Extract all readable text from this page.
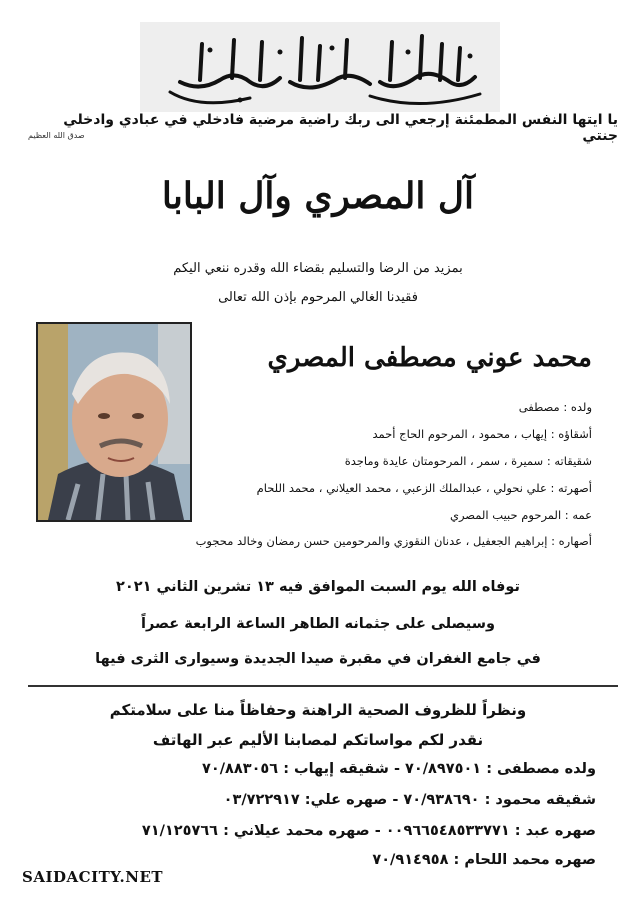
يا ايتها النفس المطمئنة إرجعي الى ربك راضية مرضية فادخلي في عبادي وادخلي جنتي
صدق الله العظيم
آل المصري وآل البابا
بمزيد من الرضا والتسليم بقضاء الله وقدره ننعي اليكم
فقيدنا الغالي المرحوم بإذن الله تعالى
محمد عوني مصطفى المصري
ولده : مصطفى
أشقاؤه : إيهاب ، محمود ، المرحوم الحاج أحمد
شقيقاته : سميرة ، سمر ، المرحومتان عايدة وماجدة
أصهرته : علي نحولي ، عبدالملك الزعبي ، محمد العيلاني ، محمد اللحام
عمه : المرحوم حبيب المصري
أصهاره : إبراهيم الجعفيل ، عدنان النقوزي والمرحومين حسن رمضان وخالد محجوب
توفاه الله يوم السبت الموافق فيه ١٣ تشرين الثاني ٢٠٢١
وسيصلى على جثمانه الطاهر الساعة الرابعة عصراً
في جامع الغفران في مقبرة صيدا الجديدة وسيوارى الثرى فيها
ونظراً للظروف الصحية الراهنة وحفاظاً منا على سلامتكم
نقدر لكم مواساتكم لمصابنا الأليم عبر الهاتف
ولده مصطفى : ٧٠/٨٩٧٥٠١ - شقيقه إيهاب : ٧٠/٨٨٣٠٥٦
شقيقه محمود : ٧٠/٩٣٨٦٩٠ - صهره علي: ٠٣/٧٢٢٩١٧
صهره عبد : ٠٠٩٦٦٥٤٨٥٣٣٧٧١ - صهره محمد عيلاني : ٧١/١٢٥٧٦٦
صهره محمد اللحام : ٧٠/٩١٤٩٥٨
SAIDACITY.NET
